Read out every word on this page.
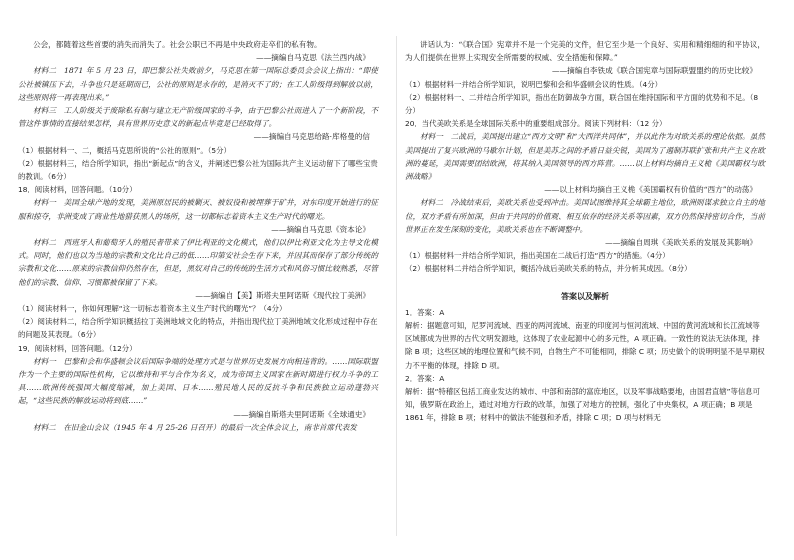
公会，都随着这些首要的消失而消失了。社会公职已不再是中央政府走卒们的私有物。

——摘编自马克思《法兰西内战》

材料二　1871 年 5 月 23 日，即巴黎公社失败前夕，马克思在第一国际总委员会会议上指出：“即使公社被镇压下去，斗争也只是延期而已，公社的原则是永存的，是消灭不了的；在工人阶级得到解放以前，这些原则将一再表现出来。”

材料三　工人阶级关于废除私有制与建立无产阶级国家的斗争，由于巴黎公社而进入了一个新阶段，不管这件事情的直接结果怎样，具有世界历史意义的新起点毕竟是已经取得了。

——摘编自马克思给路·库格曼的信

（1）根据材料一、二，概括马克思所说的“公社的原则”。（5分）

（2）根据材料三，结合所学知识，指出“新起点”的含义，并阐述巴黎公社为国际共产主义运动留下了哪些宝贵的教训。（6分）

18．阅读材料，回答问题。（10分）

材料一　美国全球产地的发现，美洲原居民的被剿灭、被奴役和被埋葬于矿井，对东印度开始进行的征服和掠夺，非洲变成了商业性地猎获黑人的场所，这一切都标志着资本主义生产时代的曙光。

——摘编自马克思《资本论》

材料二　西班牙人和葡萄牙人的殖民者带来了伊比利亚的文化模式，他们以伊比利亚文化为主导文化模式。同时，他们也以为当地的宗教和文化比自己的低……印第安社会生存下来，并因其而保存了部分传统的宗教和文化……原来的宗教信仰仍然存在，但是，黑奴对自己的传统的生活方式和风俗习惯比较熟悉，尽管他们的宗教、信仰、习惯都被保留了下来。

——摘编自【美】斯塔夫里阿诺斯《现代拉丁美洲》

（1）阅读材料一，你如何理解“这一切标志着资本主义生产时代的曙光”？（4分）

（2）阅读材料二，结合所学知识概括拉丁美洲地域文化的特点，并指出现代拉丁美洲地域文化形成过程中存在的问题及其表现。（6分）

19．阅读材料，回答问题。（12分）

材料一　巴黎和会和华盛顿会议后国际争端的处理方式是与世界历史发展方向相违背的。……国际联盟作为一个主要的国际性机构，它以维持和平与合作为名义，成为帝国主义国家在新时期进行权力斗争的工具……欧洲传统强国大幅度缩减，加上美国、日本……殖民地人民的反抗斗争和民族独立运动蓬勃兴起，“这些民族的解放运动将到底……”

——摘编自斯塔夫里阿诺斯《全球通史》

材料二　在旧金山会议（1945 年 4 月 25-26 日召开）的最后一次全体会议上，南非首席代表发

讲话认为：“《联合国》宪章并不是一个完美的文件，但它至少是一个良好、实用和精细细的和平协议，为人们提供在世界上实现安全所需要的权威、安全措施和保障。”

——摘编自李铁成《联合国宪章与国际联盟盟约的历史比较》

（1）根据材料一并结合所学知识，说明巴黎和会和华盛顿会议的性质。（4分）

（2）根据材料一、二并结合所学知识，指出在防御战争方面，联合国在维持国际和平方面的优势和不足。（8分）

20．当代美欧关系是全球国际关系中的重要组成部分。阅读下列材料：（12 分）

材料一　二战后，美国提出建立“西方文明”和“大西洋共同体”，并以此作为对欧关系的理论依据。虽然美国提出了复兴欧洲的马歇尔计划，但是美苏之间的矛盾日益尖锐，美国为了遏制苏联扩张和共产主义在欧洲的蔓延，美国需要团结欧洲，将其纳入美国领导的西方阵营。……以上材料均摘自王义桅《美国霸权与欧洲战略》

——以上材料均摘自王义桅《美国霸权有价值的“西方”的动荡》

材料二　冷战结束后，美欧关系也受到冲击。美国试图维持其全球霸主地位，欧洲则谋求独立自主的地位，双方矛盾有所加深，但由于共同的价值观、相互依存的经济关系等因素，双方仍然保持密切合作，当前世界正在发生深刻的变化，美欧关系也在不断调整中。

——摘编自周琪《美欧关系的发展及其影响》

（1）根据材料一并结合所学知识，指出美国在二战后打造“西方”的措施。（4分）

（2）根据材料二并结合所学知识，概括冷战后美欧关系的特点，并分析其成因。（8分）

答案以及解析

1．答案：A

解析：据题意可知，尼罗河流域、西亚的两河流域、南亚的印度河与恒河流域、中国的黄河流域和长江流域等区域都成为世界的古代文明发源地，这体现了农业起源中心的多元性，A 项正确。一致性的说法无法体现，排除 B 项；这些区域的地理位置和气候不同，自物生产不可能相同，排除 C 项；历史做个的说明明显不是早期权力不平衡的体现，排除 D 项。

2．答案：A

解析：据“特稽区包括工商业发达的城市、中部和南部的富庶地区，以及军事战略要地，由国君直辖”等信息可知，俄罗斯在政治上，通过对地方行政的改革，加强了对地方的控制，强化了中央集权，A 项正确；B 项是 1861 年，排除 B 项；材料中的做法不能强和矛盾，排除 C 项；D 项与材料无
